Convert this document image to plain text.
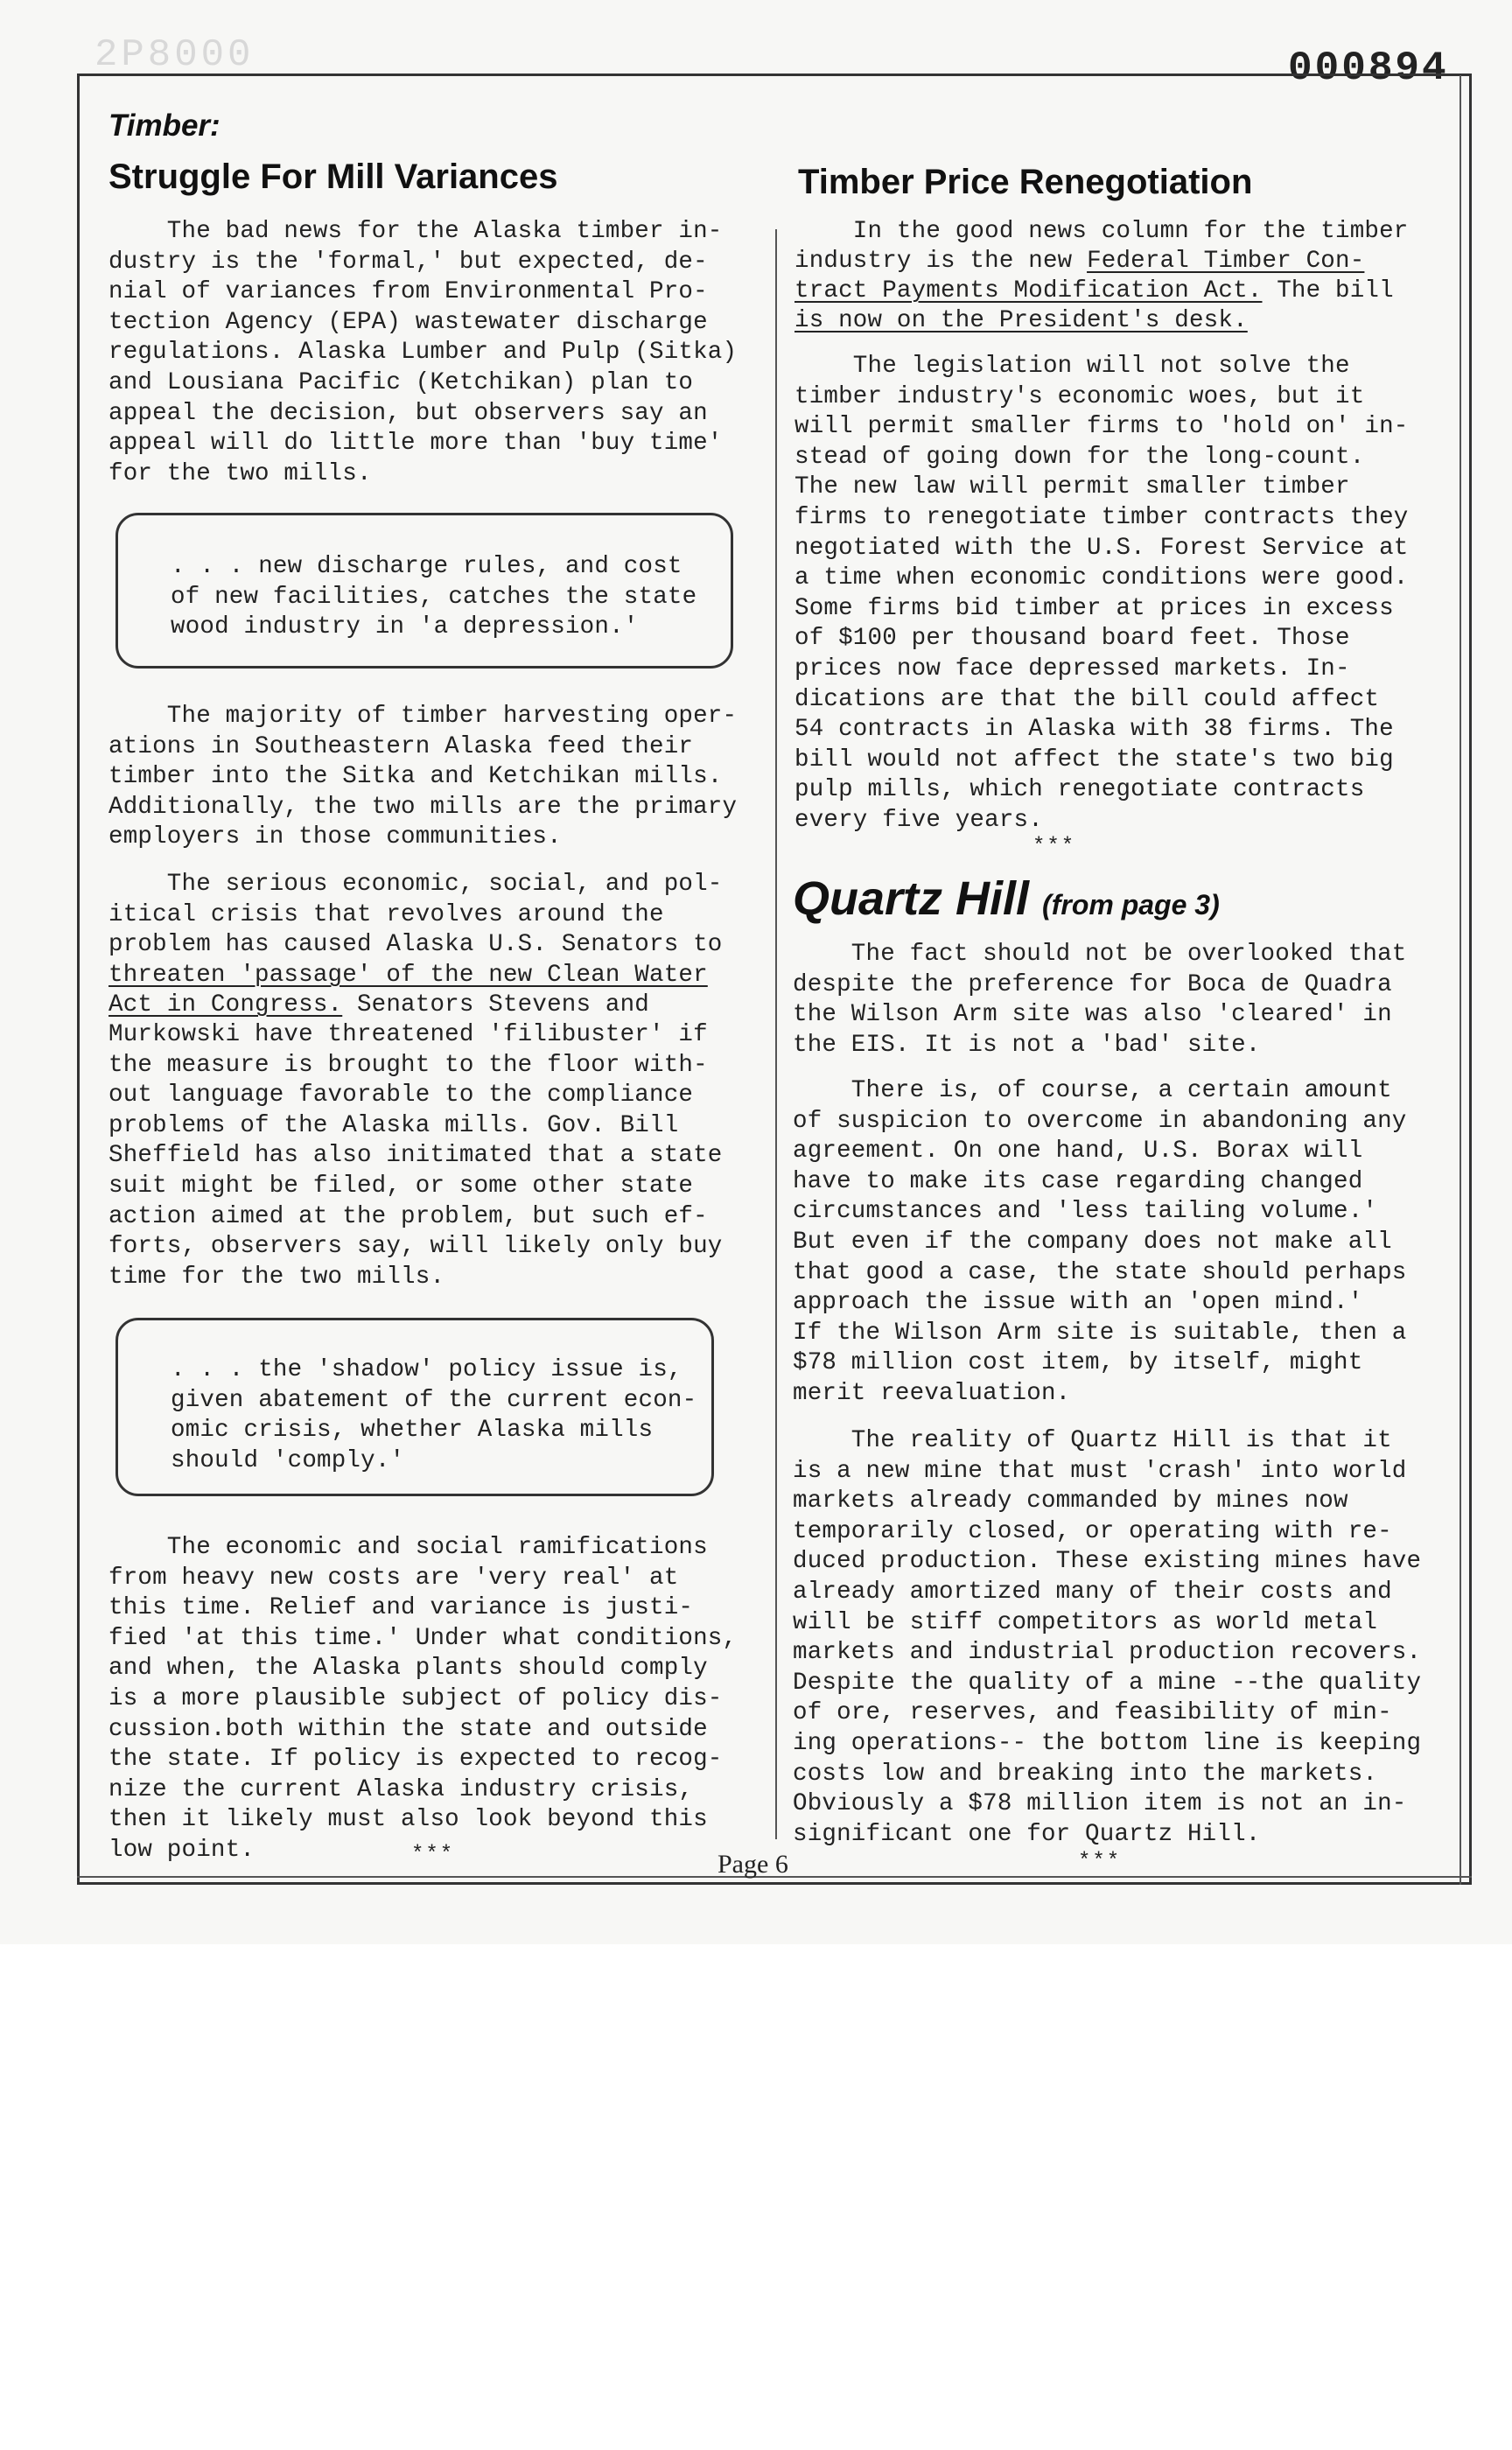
2P8000	000894
Timber:
Struggle For Mill Variances
The bad news for the Alaska timber in-
dustry is the 'formal,' but expected, de-
nial of variances from Environmental Pro-
tection Agency (EPA) wastewater discharge
regulations. Alaska Lumber and Pulp (Sitka)
and Lousiana Pacific (Ketchikan) plan to
appeal the decision, but observers say an
appeal will do little more than 'buy time'
for the two mills.
. . . new discharge rules, and cost
of new facilities, catches the state
wood industry in 'a depression.'
The majority of timber harvesting oper-
ations in Southeastern Alaska feed their
timber into the Sitka and Ketchikan mills.
Additionally, the two mills are the primary
employers in those communities.
The serious economic, social, and pol-
itical crisis that revolves around the
problem has caused Alaska U.S. Senators to
threaten 'passage' of the new Clean Water
Act in Congress. Senators Stevens and
Murkowski have threatened 'filibuster' if
the measure is brought to the floor with-
out language favorable to the compliance
problems of the Alaska mills. Gov. Bill
Sheffield has also initimated that a state
suit might be filed, or some other state
action aimed at the problem, but such ef-
forts, observers say, will likely only buy
time for the two mills.
. . . the 'shadow' policy issue is,
given abatement of the current econ-
omic crisis, whether Alaska mills
should 'comply.'
The economic and social ramifications
from heavy new costs are 'very real' at
this time. Relief and variance is justi-
fied 'at this time.' Under what conditions,
and when, the Alaska plants should comply
is a more plausible subject of policy dis-
cussion.both within the state and outside
the state. If policy is expected to recog-
nize the current Alaska industry crisis,
then it likely must also look beyond this
low point.	***
Timber Price Renegotiation
In the good news column for the timber
industry is the new Federal Timber Con-
tract Payments Modification Act. The bill
is now on the President's desk.
The legislation will not solve the
timber industry's economic woes, but it
will permit smaller firms to 'hold on' in-
stead of going down for the long-count.
The new law will permit smaller timber
firms to renegotiate timber contracts they
negotiated with the U.S. Forest Service at
a time when economic conditions were good.
Some firms bid timber at prices in excess
of $100 per thousand board feet. Those
prices now face depressed markets. In-
dications are that the bill could affect
54 contracts in Alaska with 38 firms. The
bill would not affect the state's two big
pulp mills, which renegotiate contracts
every five years.
***
Quartz Hill (from page 3)
The fact should not be overlooked that
despite the preference for Boca de Quadra
the Wilson Arm site was also 'cleared' in
the EIS. It is not a 'bad' site.
There is, of course, a certain amount
of suspicion to overcome in abandoning any
agreement. On one hand, U.S. Borax will
have to make its case regarding changed
circumstances and 'less tailing volume.'
But even if the company does not make all
that good a case, the state should perhaps
approach the issue with an 'open mind.'
If the Wilson Arm site is suitable, then a
$78 million cost item, by itself, might
merit reevaluation.
The reality of Quartz Hill is that it
is a new mine that must 'crash' into world
markets already commanded by mines now
temporarily closed, or operating with re-
duced production. These existing mines have
already amortized many of their costs and
will be stiff competitors as world metal
markets and industrial production recovers.
Despite the quality of a mine --the quality
of ore, reserves, and feasibility of min-
ing operations-- the bottom line is keeping
costs low and breaking into the markets.
Obviously a $78 million item is not an in-
significant one for Quartz Hill.
***
Page 6
